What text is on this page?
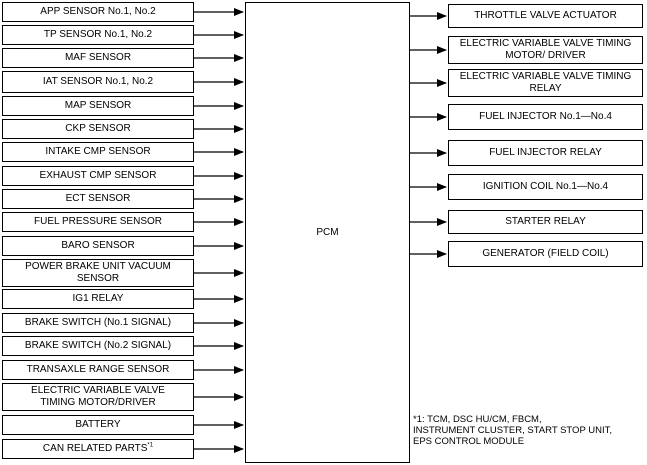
APP SENSOR No.1, No.2
TP SENSOR No.1, No.2
MAF SENSOR
IAT SENSOR No.1, No.2
MAP SENSOR
CKP SENSOR
INTAKE CMP SENSOR
EXHAUST CMP SENSOR
ECT SENSOR
FUEL PRESSURE SENSOR
BARO SENSOR
POWER BRAKE UNIT VACUUM
SENSOR
IG1 RELAY
BRAKE SWITCH (No.1 SIGNAL)
BRAKE SWITCH (No.2 SIGNAL)
TRANSAXLE RANGE SENSOR
ELECTRIC VARIABLE VALVE
TIMING MOTOR/DRIVER
BATTERY
CAN RELATED PARTS$^{*1}$
PCM
THROTTLE VALVE ACTUATOR
ELECTRIC VARIABLE VALVE TIMING
MOTOR/ DRIVER
ELECTRIC VARIABLE VALVE TIMING
RELAY
FUEL INJECTOR No.1—No.4
FUEL INJECTOR RELAY
IGNITION COIL No.1—No.4
STARTER RELAY
GENERATOR (FIELD COIL)
*1: TCM, DSC HU/CM, FBCM,
INSTRUMENT CLUSTER, START STOP UNIT,
EPS CONTROL MODULE
